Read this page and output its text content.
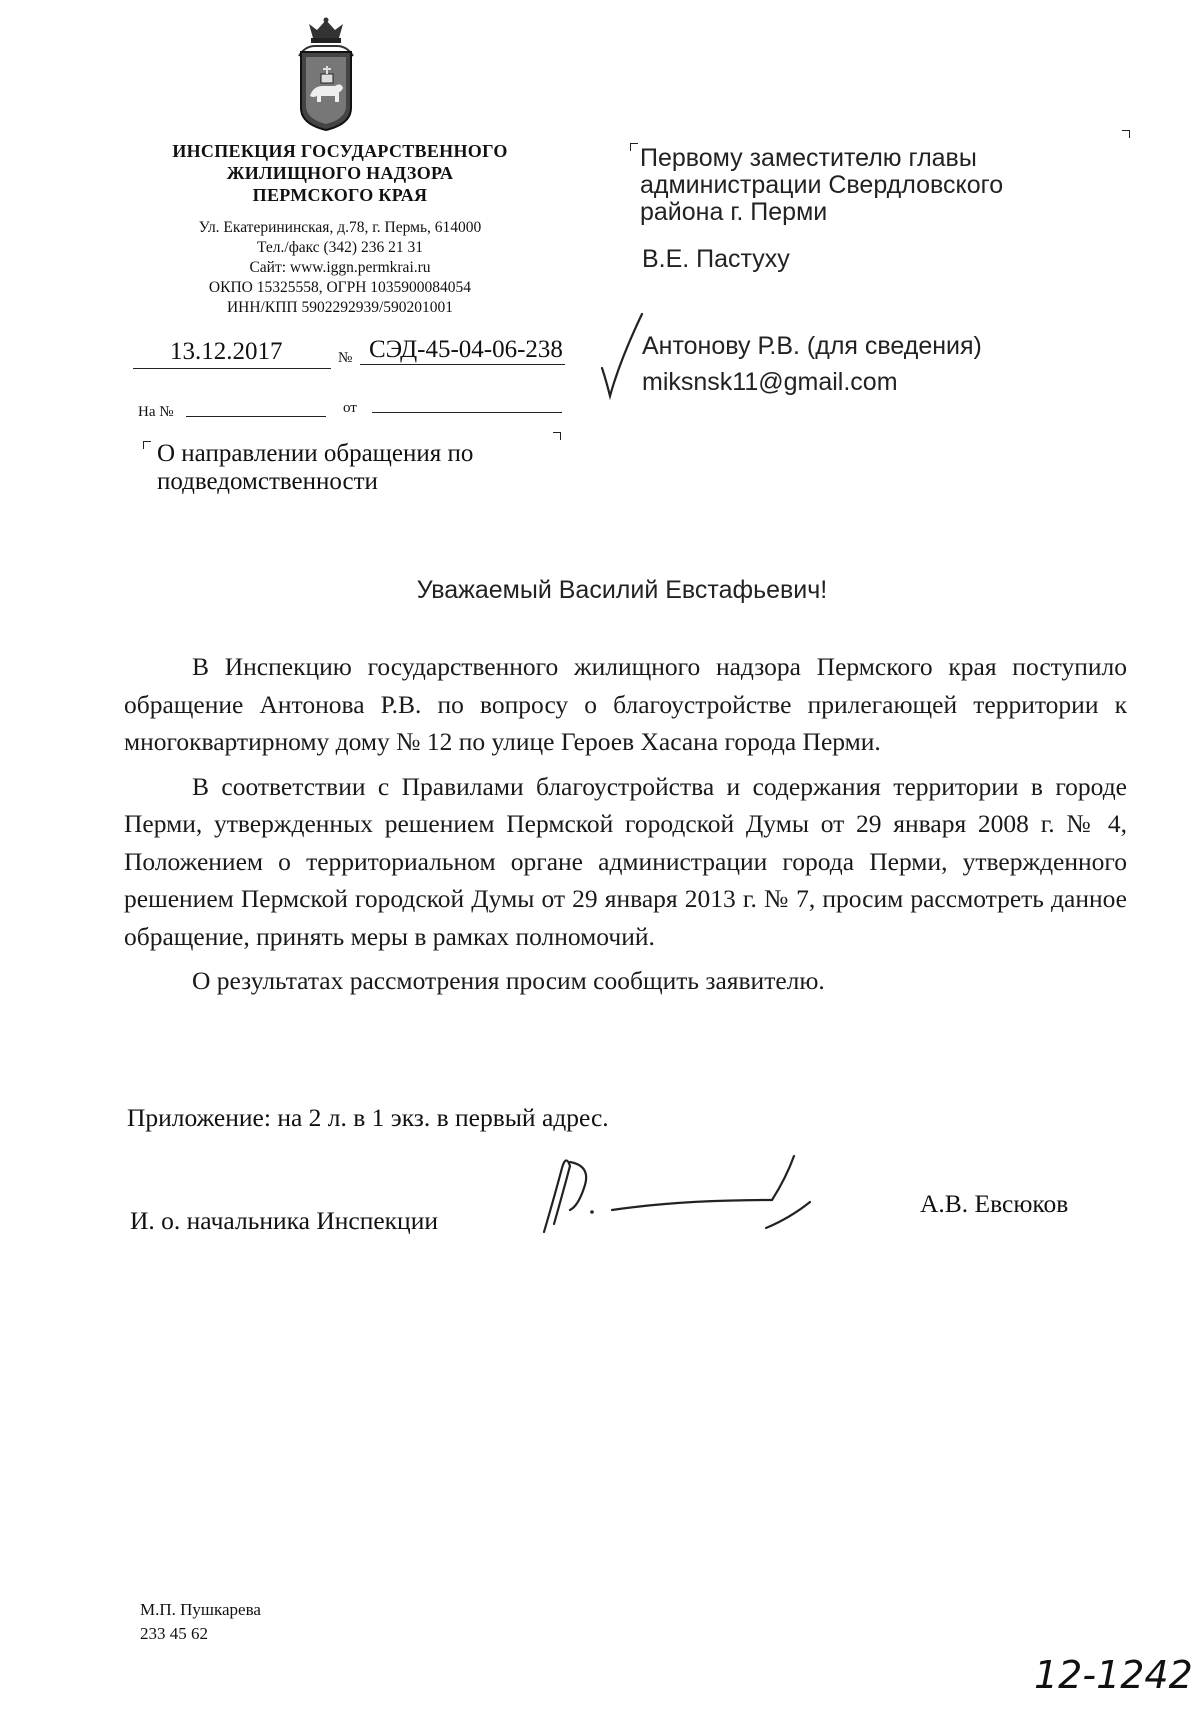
ИНСПЕКЦИЯ ГОСУДАРСТВЕННОГО
ЖИЛИЩНОГО НАДЗОРА
ПЕРМСКОГО КРАЯ
Ул. Екатерининская, д.78, г. Пермь, 614000
Тел./факс (342) 236 21 31
Сайт: www.iggn.permkrai.ru
ОКПО 15325558, ОГРН 1035900084054
ИНН/КПП 5902292939/590201001
13.12.2017	№ СЭД-45-04-06-238
На №	от
О направлении обращения по
подведомственности
Первому заместителю главы
администрации Свердловского
района г. Перми
В.Е. Пастуху
Антонову Р.В. (для сведения)
miksnsk11@gmail.com
Уважаемый Василий Евстафьевич!

В Инспекцию государственного жилищного надзора Пермского края поступило обращение Антонова Р.В. по вопросу о благоустройстве прилегающей территории к многоквартирному дому № 12 по улице Героев Хасана города Перми.

В соответствии с Правилами благоустройства и содержания территории в городе Перми, утвержденных решением Пермской городской Думы от 29 января 2008 г. № 4, Положением о территориальном органе администрации города Перми, утвержденного решением Пермской городской Думы от 29 января 2013 г. № 7, просим рассмотреть данное обращение, принять меры в рамках полномочий.

О результатах рассмотрения просим сообщить заявителю.

Приложение: на 2 л. в 1 экз. в первый адрес.
И. о. начальника Инспекции
А.В. Евсюков
М.П. Пушкарева
233 45 62
12-1242
